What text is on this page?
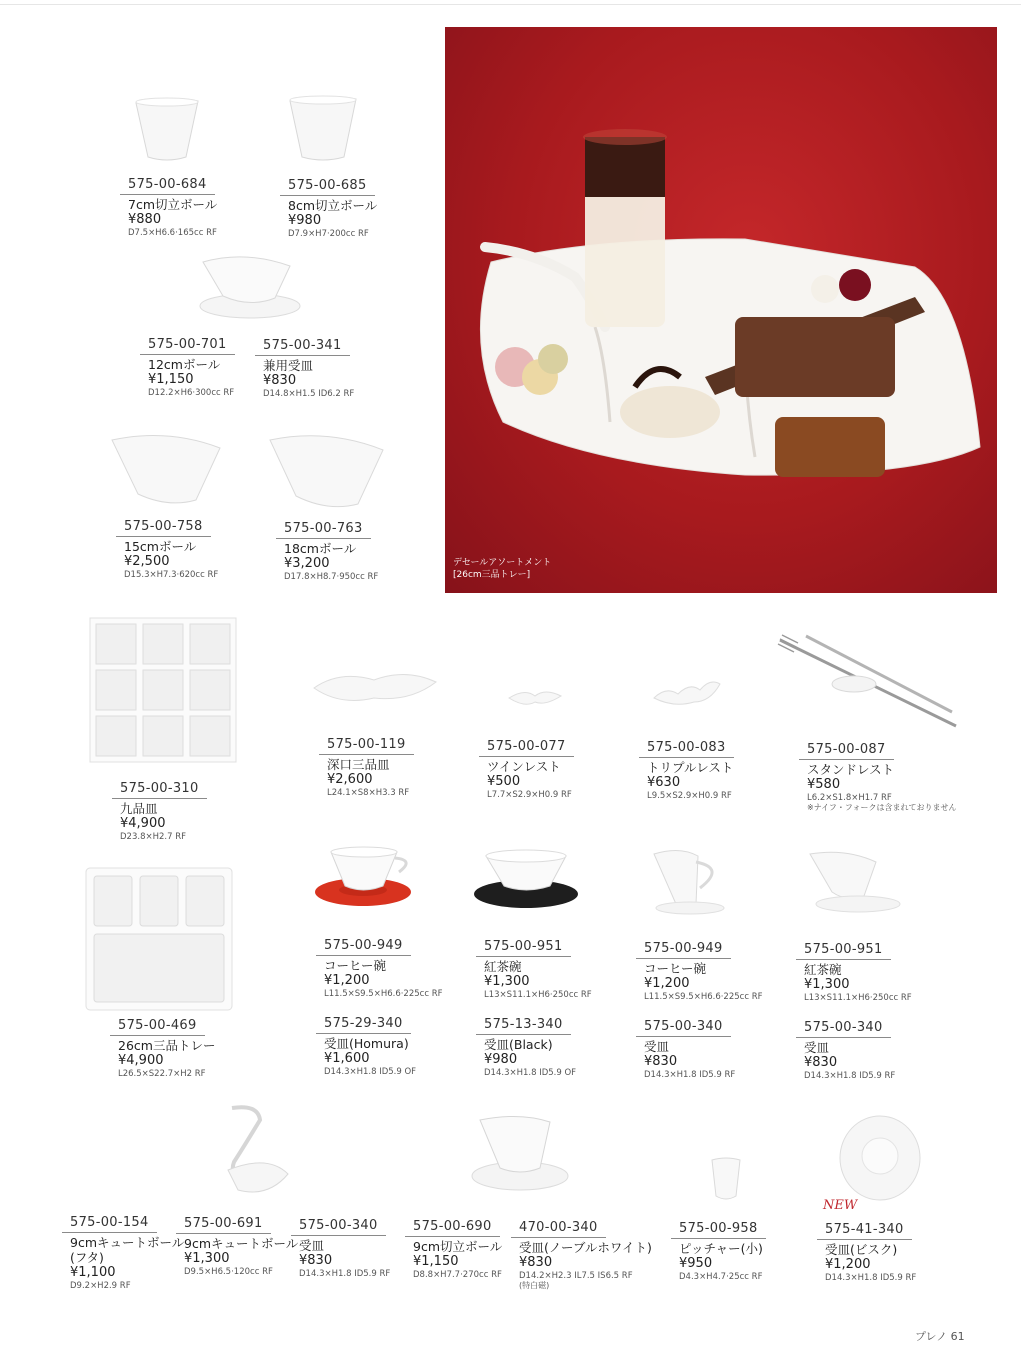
デセールアソートメント
[26cm三品トレー]
575-00-684
7cm切立ボール
¥880
D7.5×H6.6·165cc RF
575-00-685
8cm切立ボール
¥980
D7.9×H7·200cc RF
575-00-701
12cmボール
¥1,150
D12.2×H6·300cc RF
575-00-341
兼用受皿
¥830
D14.8×H1.5 ID6.2 RF
575-00-758
15cmボール
¥2,500
D15.3×H7.3·620cc RF
575-00-763
18cmボール
¥3,200
D17.8×H8.7·950cc RF
575-00-310
九品皿
¥4,900
D23.8×H2.7 RF
575-00-119
深口三品皿
¥2,600
L24.1×S8×H3.3 RF
575-00-077
ツインレスト
¥500
L7.7×S2.9×H0.9 RF
575-00-083
トリプルレスト
¥630
L9.5×S2.9×H0.9 RF
575-00-087
スタンドレスト
¥580
L6.2×S1.8×H1.7 RF
※ナイフ・フォークは含まれておりません
575-00-469
26cm三品トレー
¥4,900
L26.5×S22.7×H2 RF
575-00-949
コーヒー碗
¥1,200
L11.5×S9.5×H6.6·225cc RF
575-00-951
紅茶碗
¥1,300
L13×S11.1×H6·250cc RF
575-00-949
コーヒー碗
¥1,200
L11.5×S9.5×H6.6·225cc RF
575-00-951
紅茶碗
¥1,300
L13×S11.1×H6·250cc RF
575-29-340
受皿(Homura)
¥1,600
D14.3×H1.8 ID5.9 OF
575-13-340
受皿(Black)
¥980
D14.3×H1.8 ID5.9 OF
575-00-340
受皿
¥830
D14.3×H1.8 ID5.9 RF
575-00-340
受皿
¥830
D14.3×H1.8 ID5.9 RF
575-00-154
9cmキュートボール
(フタ)
¥1,100
D9.2×H2.9 RF
575-00-691
9cmキュートボール
¥1,300
D9.5×H6.5·120cc RF
575-00-340
受皿
¥830
D14.3×H1.8 ID5.9 RF
575-00-690
9cm切立ボール
¥1,150
D8.8×H7.7·270cc RF
470-00-340
受皿(ノーブルホワイト)
¥830
D14.2×H2.3 IL7.5 IS6.5 RF
(特白磁)
575-00-958
ピッチャー(小)
¥950
D4.3×H4.7·25cc RF
NEW
575-41-340
受皿(ビスク)
¥1,200
D14.3×H1.8 ID5.9 RF
プレノ 61
